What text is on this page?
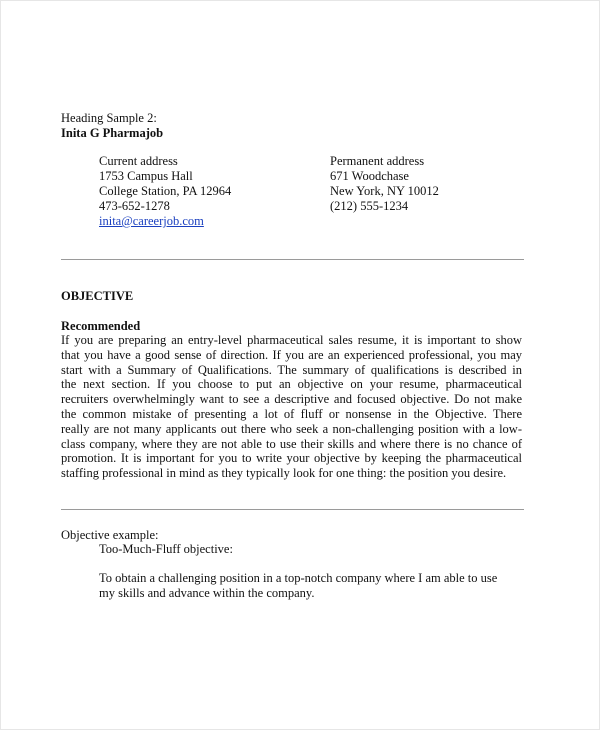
Heading Sample 2:
Inita G Pharmajob
Current address
1753 Campus Hall
College Station, PA 12964
473-652-1278
inita@careerjob.com
Permanent address
671 Woodchase
New York, NY 10012
(212) 555-1234
OBJECTIVE
Recommended
If you are preparing an entry-level pharmaceutical sales resume, it is important to show
that you have a good sense of direction. If you are an experienced professional, you may
start with a Summary of Qualifications. The summary of qualifications is described in
the next section. If you choose to put an objective on your resume, pharmaceutical
recruiters overwhelmingly want to see a descriptive and focused objective. Do not make
the common mistake of presenting a lot of fluff or nonsense in the Objective. There
really are not many applicants out there who seek a non-challenging position with a low-
class company, where they are not able to use their skills and where there is no chance of
promotion. It is important for you to write your objective by keeping the pharmaceutical
staffing professional in mind as they typically look for one thing: the position you desire.
Objective example:
Too-Much-Fluff objective:
To obtain a challenging position in a top-notch company where I am able to use
my skills and advance within the company.
